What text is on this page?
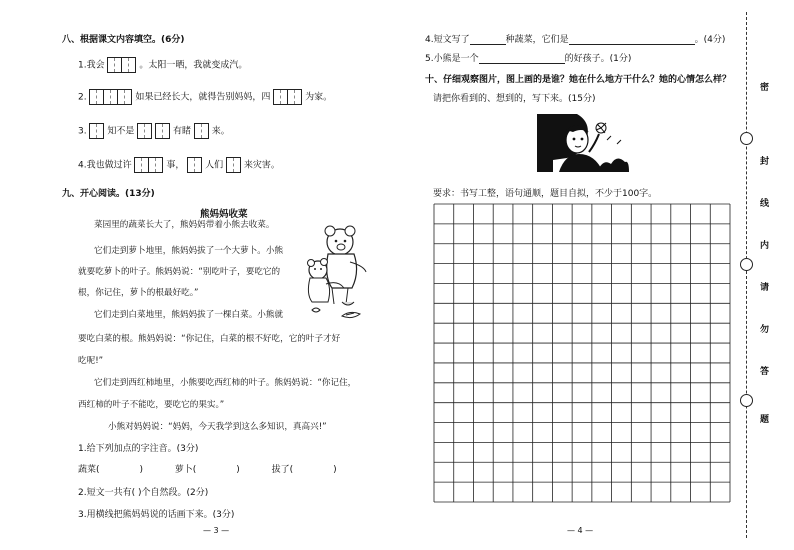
八、根据课文内容填空。(6分)
1.我会	。太阳一晒，我就变成汽。
2.	如果已经长大，就得告别妈妈，四	为家。
3. 知不是
	有睹 来。
4.我也做过许	事， 人们 来灾害。
九、开心阅读。(13分)
熊妈妈收菜
菜园里的蔬菜长大了，熊妈妈带着小熊去收菜。
它们走到萝卜地里，熊妈妈拔了一个大萝卜。小熊
就要吃萝卜的叶子。熊妈妈说：“别吃叶子，要吃它的
根，你记住，萝卜的根最好吃。”
它们走到白菜地里，熊妈妈拔了一棵白菜。小熊就
要吃白菜的根。熊妈妈说：“你记住，白菜的根不好吃，它的叶子才好
吃呢!”
它们走到西红柿地里，小熊要吃西红柿的叶子。熊妈妈说：“你记住，
西红柿的叶子不能吃，要吃它的果实。”
小熊对妈妈说：“妈妈，今天我学到这么多知识，真高兴!”
1.给下列加点的字注音。(3分)
蔬菜(	)	萝卜(	)	拔了(	)
2.短文一共有( )个自然段。(2分)
3.用横线把熊妈妈说的话画下来。(3分)
— 3 —
4.短文写了	种蔬菜，它们是	。(4分)
5.小熊是一个	的好孩子。(1分)
十、仔细观察图片，图上画的是谁？她在什么地方干什么？她的心情怎么样？
请把你看到的、想到的，写下来。(15分)
要求：书写工整，语句通顺，题目自拟，不少于100字。
— 4 —
密
封
线
内
请
勿
答
题
